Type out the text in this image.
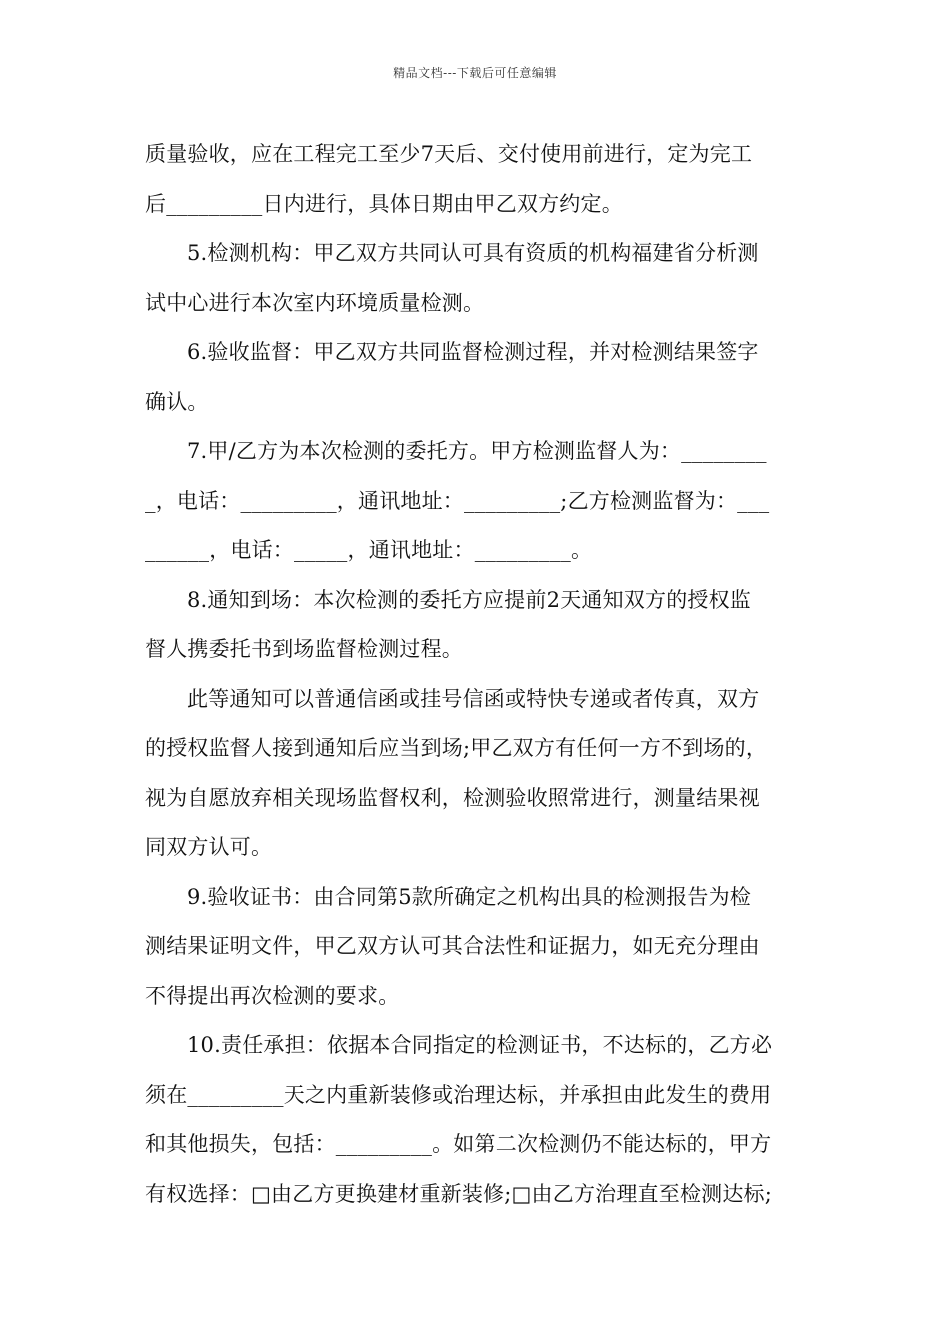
精品文档---下载后可任意编辑
质量验收，应在工程完工至少7天后、交付使用前进行，定为完工
后_________日内进行，具体日期由甲乙双方约定。
5.检测机构：甲乙双方共同认可具有资质的机构福建省分析测
试中心进行本次室内环境质量检测。
6.验收监督：甲乙双方共同监督检测过程，并对检测结果签字
确认。
7.甲/乙方为本次检测的委托方。甲方检测监督人为：________
_，电话：_________，通讯地址：_________;乙方检测监督为：___
______，电话：_____，通讯地址：_________。
8.通知到场：本次检测的委托方应提前2天通知双方的授权监
督人携委托书到场监督检测过程。
此等通知可以普通信函或挂号信函或特快专递或者传真，双方
的授权监督人接到通知后应当到场;甲乙双方有任何一方不到场的，
视为自愿放弃相关现场监督权利，检测验收照常进行，测量结果视
同双方认可。
9.验收证书：由合同第5款所确定之机构出具的检测报告为检
测结果证明文件，甲乙双方认可其合法性和证据力，如无充分理由
不得提出再次检测的要求。
10.责任承担：依据本合同指定的检测证书，不达标的，乙方必
须在_________天之内重新装修或治理达标，并承担由此发生的费用
和其他损失，包括：_________。如第二次检测仍不能达标的，甲方
有权选择：□由乙方更换建材重新装修;□由乙方治理直至检测达标;
